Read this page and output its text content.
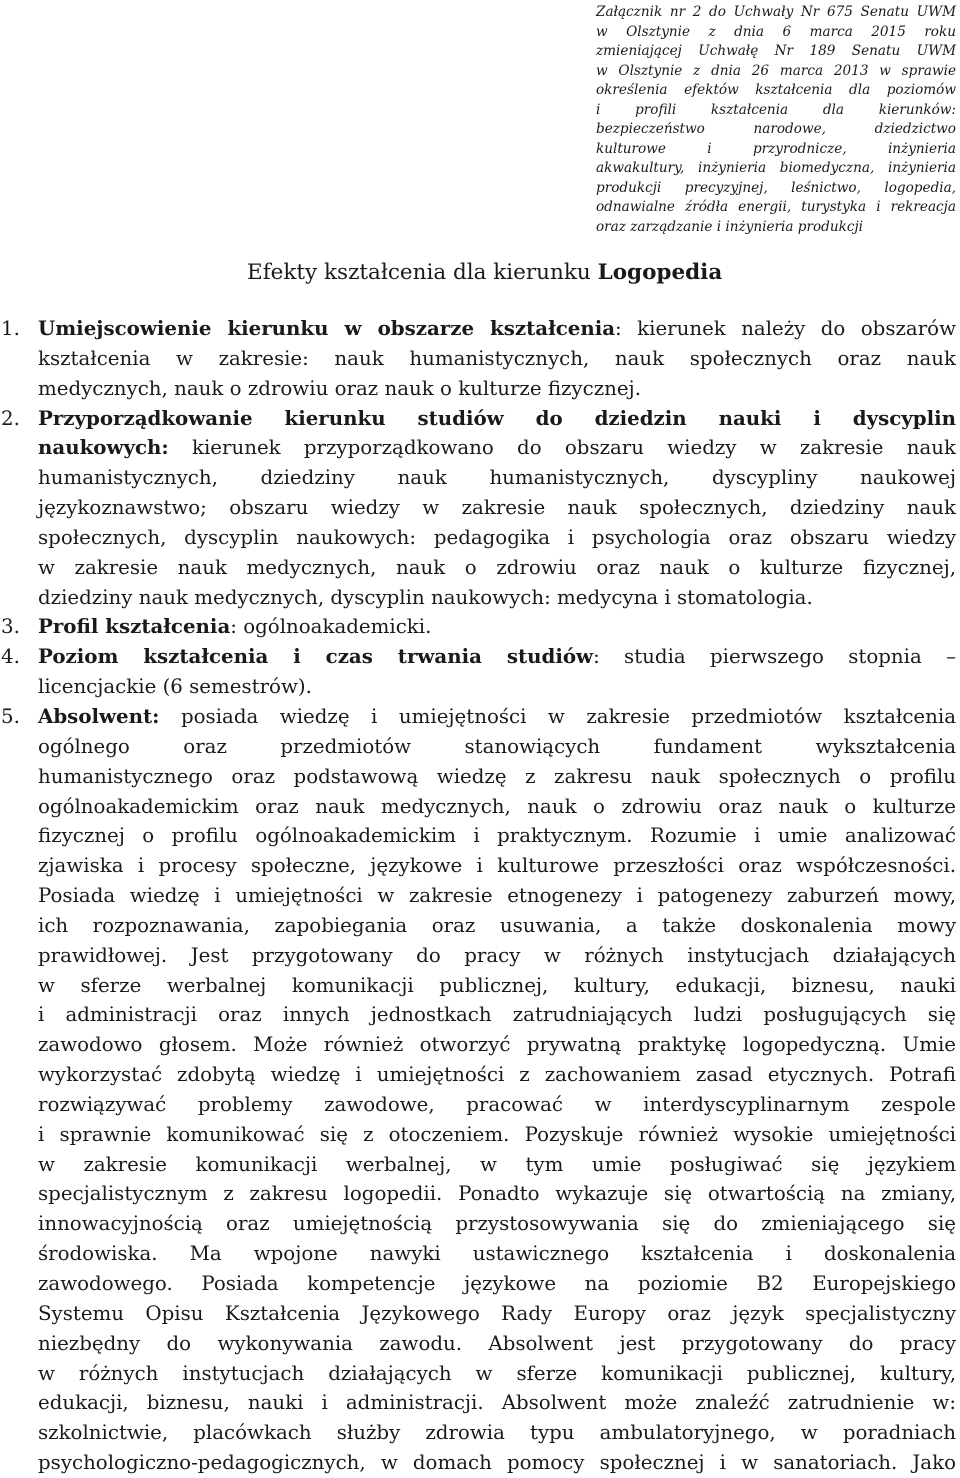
Załącznik nr 2 do Uchwały Nr 675 Senatu UWM
w Olsztynie z dnia 6 marca 2015 roku
zmieniającej Uchwałę Nr 189 Senatu UWM
w Olsztynie z dnia 26 marca 2013 w sprawie
określenia efektów kształcenia dla poziomów
i profili kształcenia dla kierunków:
bezpieczeństwo narodowe, dziedzictwo
kulturowe i przyrodnicze, inżynieria
akwakultury, inżynieria biomedyczna, inżynieria
produkcji precyzyjnej, leśnictwo, logopedia,
odnawialne źródła energii, turystyka i rekreacja
oraz zarządzanie i inżynieria produkcji
Efekty kształcenia dla kierunku Logopedia
1. Umiejscowienie kierunku w obszarze kształcenia: kierunek należy do obszarów
kształcenia w zakresie: nauk humanistycznych, nauk społecznych oraz nauk
medycznych, nauk o zdrowiu oraz nauk o kulturze fizycznej.
2. Przyporządkowanie kierunku studiów do dziedzin nauki i dyscyplin
naukowych: kierunek przyporządkowano do obszaru wiedzy w zakresie nauk
humanistycznych, dziedziny nauk humanistycznych, dyscypliny naukowej
językoznawstwo; obszaru wiedzy w zakresie nauk społecznych, dziedziny nauk
społecznych, dyscyplin naukowych: pedagogika i psychologia oraz obszaru wiedzy
w zakresie nauk medycznych, nauk o zdrowiu oraz nauk o kulturze fizycznej,
dziedziny nauk medycznych, dyscyplin naukowych: medycyna i stomatologia.
3. Profil kształcenia: ogólnoakademicki.
4. Poziom kształcenia i czas trwania studiów: studia pierwszego stopnia –
licencjackie (6 semestrów).
5. Absolwent: posiada wiedzę i umiejętności w zakresie przedmiotów kształcenia
ogólnego oraz przedmiotów stanowiących fundament wykształcenia
humanistycznego oraz podstawową wiedzę z zakresu nauk społecznych o profilu
ogólnoakademickim oraz nauk medycznych, nauk o zdrowiu oraz nauk o kulturze
fizycznej o profilu ogólnoakademickim i praktycznym. Rozumie i umie analizować
zjawiska i procesy społeczne, językowe i kulturowe przeszłości oraz współczesności.
Posiada wiedzę i umiejętności w zakresie etnogenezy i patogenezy zaburzeń mowy,
ich rozpoznawania, zapobiegania oraz usuwania, a także doskonalenia mowy
prawidłowej. Jest przygotowany do pracy w różnych instytucjach działających
w sferze werbalnej komunikacji publicznej, kultury, edukacji, biznesu, nauki
i administracji oraz innych jednostkach zatrudniających ludzi posługujących się
zawodowo głosem. Może również otworzyć prywatną praktykę logopedyczną. Umie
wykorzystać zdobytą wiedzę i umiejętności z zachowaniem zasad etycznych. Potrafi
rozwiązywać problemy zawodowe, pracować w interdyscyplinarnym zespole
i sprawnie komunikować się z otoczeniem. Pozyskuje również wysokie umiejętności
w zakresie komunikacji werbalnej, w tym umie posługiwać się językiem
specjalistycznym z zakresu logopedii. Ponadto wykazuje się otwartością na zmiany,
innowacyjnością oraz umiejętnością przystosowywania się do zmieniającego się
środowiska. Ma wpojone nawyki ustawicznego kształcenia i doskonalenia
zawodowego. Posiada kompetencje językowe na poziomie B2 Europejskiego
Systemu Opisu Kształcenia Językowego Rady Europy oraz język specjalistyczny
niezbędny do wykonywania zawodu. Absolwent jest przygotowany do pracy
w różnych instytucjach działających w sferze komunikacji publicznej, kultury,
edukacji, biznesu, nauki i administracji. Absolwent może znaleźć zatrudnienie w:
szkolnictwie, placówkach służby zdrowia typu ambulatoryjnego, w poradniach
psychologiczno-pedagogicznych, w domach pomocy społecznej i w sanatoriach. Jako
